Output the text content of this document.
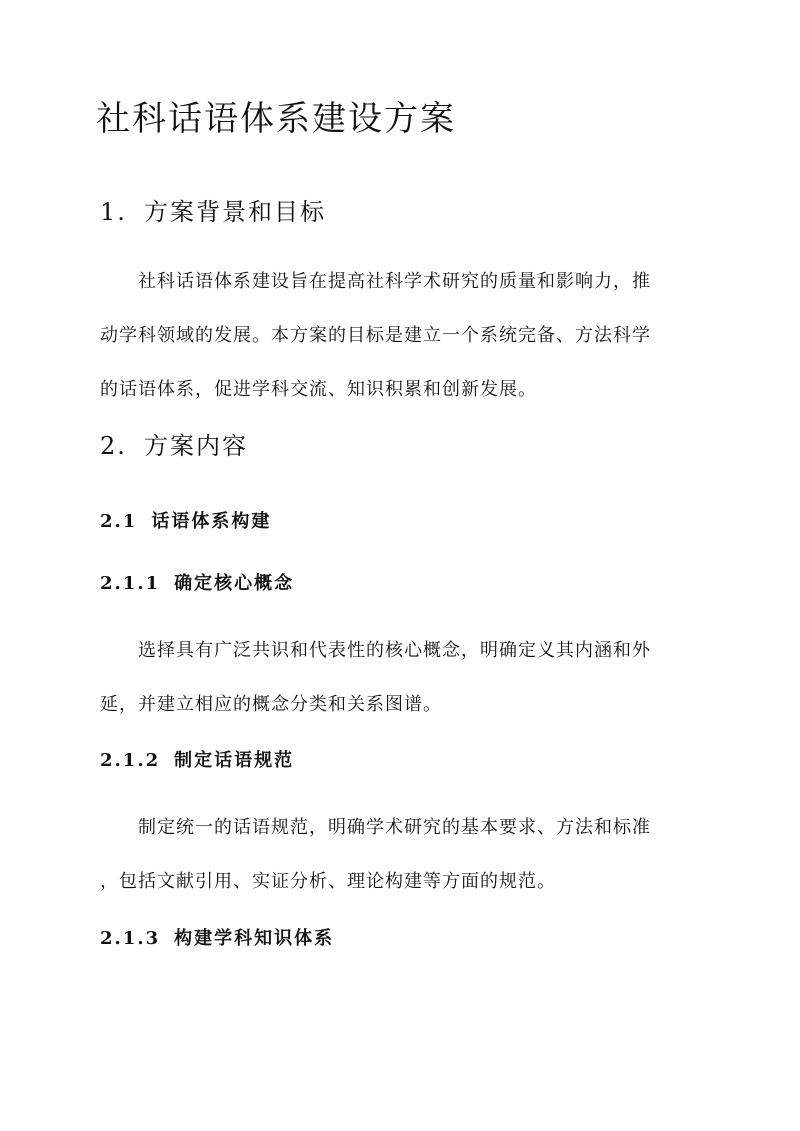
社科话语体系建设方案
1. 方案背景和目标
社科话语体系建设旨在提高社科学术研究的质量和影响力，推
动学科领域的发展。本方案的目标是建立一个系统完备、方法科学
的话语体系，促进学科交流、知识积累和创新发展。
2. 方案内容
2.1 话语体系构建
2.1.1 确定核心概念
选择具有广泛共识和代表性的核心概念，明确定义其内涵和外
延，并建立相应的概念分类和关系图谱。
2.1.2 制定话语规范
制定统一的话语规范，明确学术研究的基本要求、方法和标准
，包括文献引用、实证分析、理论构建等方面的规范。
2.1.3 构建学科知识体系
